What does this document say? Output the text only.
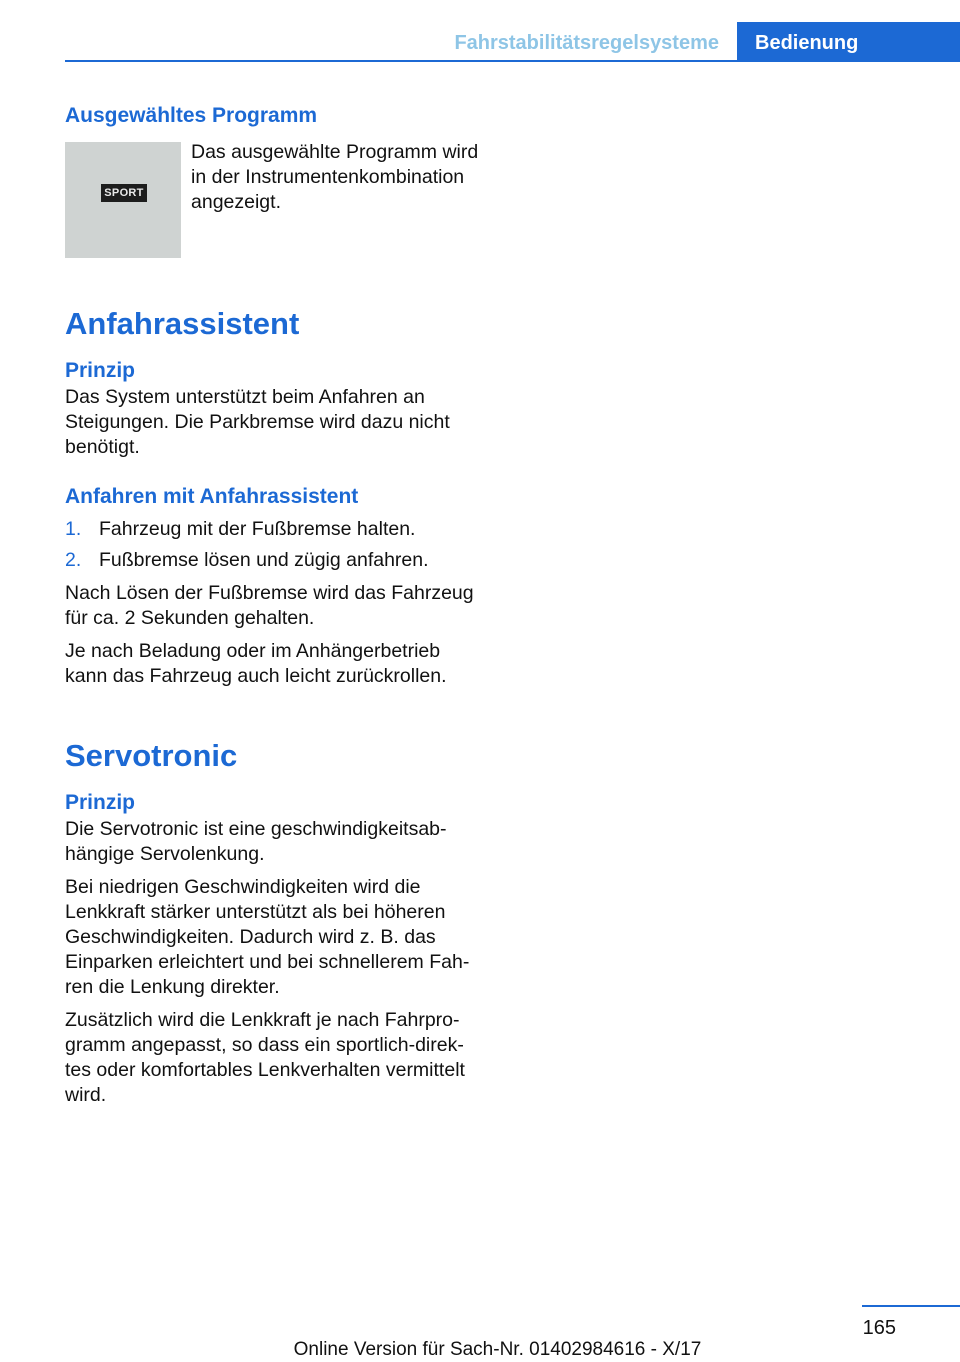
Fahrstabilitätsregelsysteme	Bedienung
Ausgewähltes Programm
SPORT
Das ausgewählte Programm wird in der Instrumentenkombination angezeigt.
Anfahrassistent
Prinzip
Das System unterstützt beim Anfahren an Steigungen. Die Parkbremse wird dazu nicht benötigt.
Anfahren mit Anfahrassistent
1. Fahrzeug mit der Fußbremse halten.
2. Fußbremse lösen und zügig anfahren.
Nach Lösen der Fußbremse wird das Fahrzeug für ca. 2 Sekunden gehalten.
Je nach Beladung oder im Anhängerbetrieb kann das Fahrzeug auch leicht zurückrollen.
Servotronic
Prinzip
Die Servotronic ist eine geschwindigkeitsabhängige Servolenkung.
Bei niedrigen Geschwindigkeiten wird die Lenkkraft stärker unterstützt als bei höheren Geschwindigkeiten. Dadurch wird z. B. das Einparken erleichtert und bei schnellerem Fahren die Lenkung direkter.
Zusätzlich wird die Lenkkraft je nach Fahrprogramm angepasst, so dass ein sportlich-direktes oder komfortables Lenkverhalten vermittelt wird.
165
Online Version für Sach-Nr. 01402984616 - X/17
